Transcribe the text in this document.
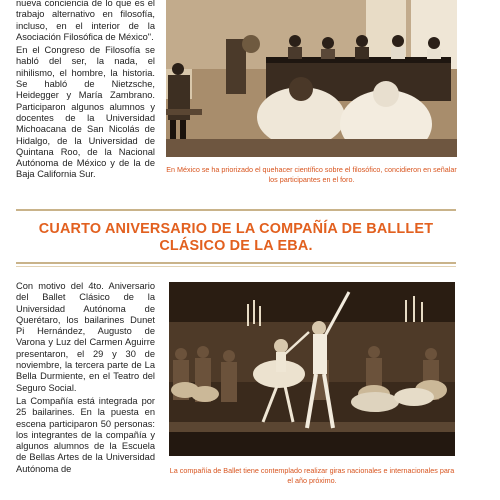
nueva conciencia de lo que es el trabajo alternativo en filosofía, incluso, en el interior de la Asociación Filosófica de México".

En el Congreso de Filosofía se habló del ser, la nada, el nihilismo, el hombre, la historia. Se habló de Nietzsche, Heidegger y María Zambrano. Participaron algunos alumnos y docentes de la Universidad Michoacana de San Nicolás de Hidalgo, de la Universidad de Quintana Roo, de la Nacional Autónoma de México y de la de Baja California Sur.	En México se ha priorizado el quehacer científico sobre el filosófico, concidieron en señalar los participantes en el foro.
CUARTO ANIVERSARIO DE LA COMPAÑÍA DE BALLLET
CLÁSICO DE LA EBA.

Con motivo del 4to. Aniversario del Ballet Clásico de la Universidad Autónoma de Querétaro, los bailarines Dunet Pi Hernández, Augusto de Varona y Luz del Carmen Aguirre presentaron, el 29 y 30 de noviembre, la tercera parte de La Bella Durmiente, en el Teatro del Seguro Social.

La Compañía está integrada por 25 bailarines. En la puesta en escena participaron 50 personas: los integrantes de la compañía y algunos alumnos de la Escuela de Bellas Artes de la Universidad Autónoma de	La compañía de Ballet tiene contemplado realizar giras nacionales e internacionales para el año próximo.
